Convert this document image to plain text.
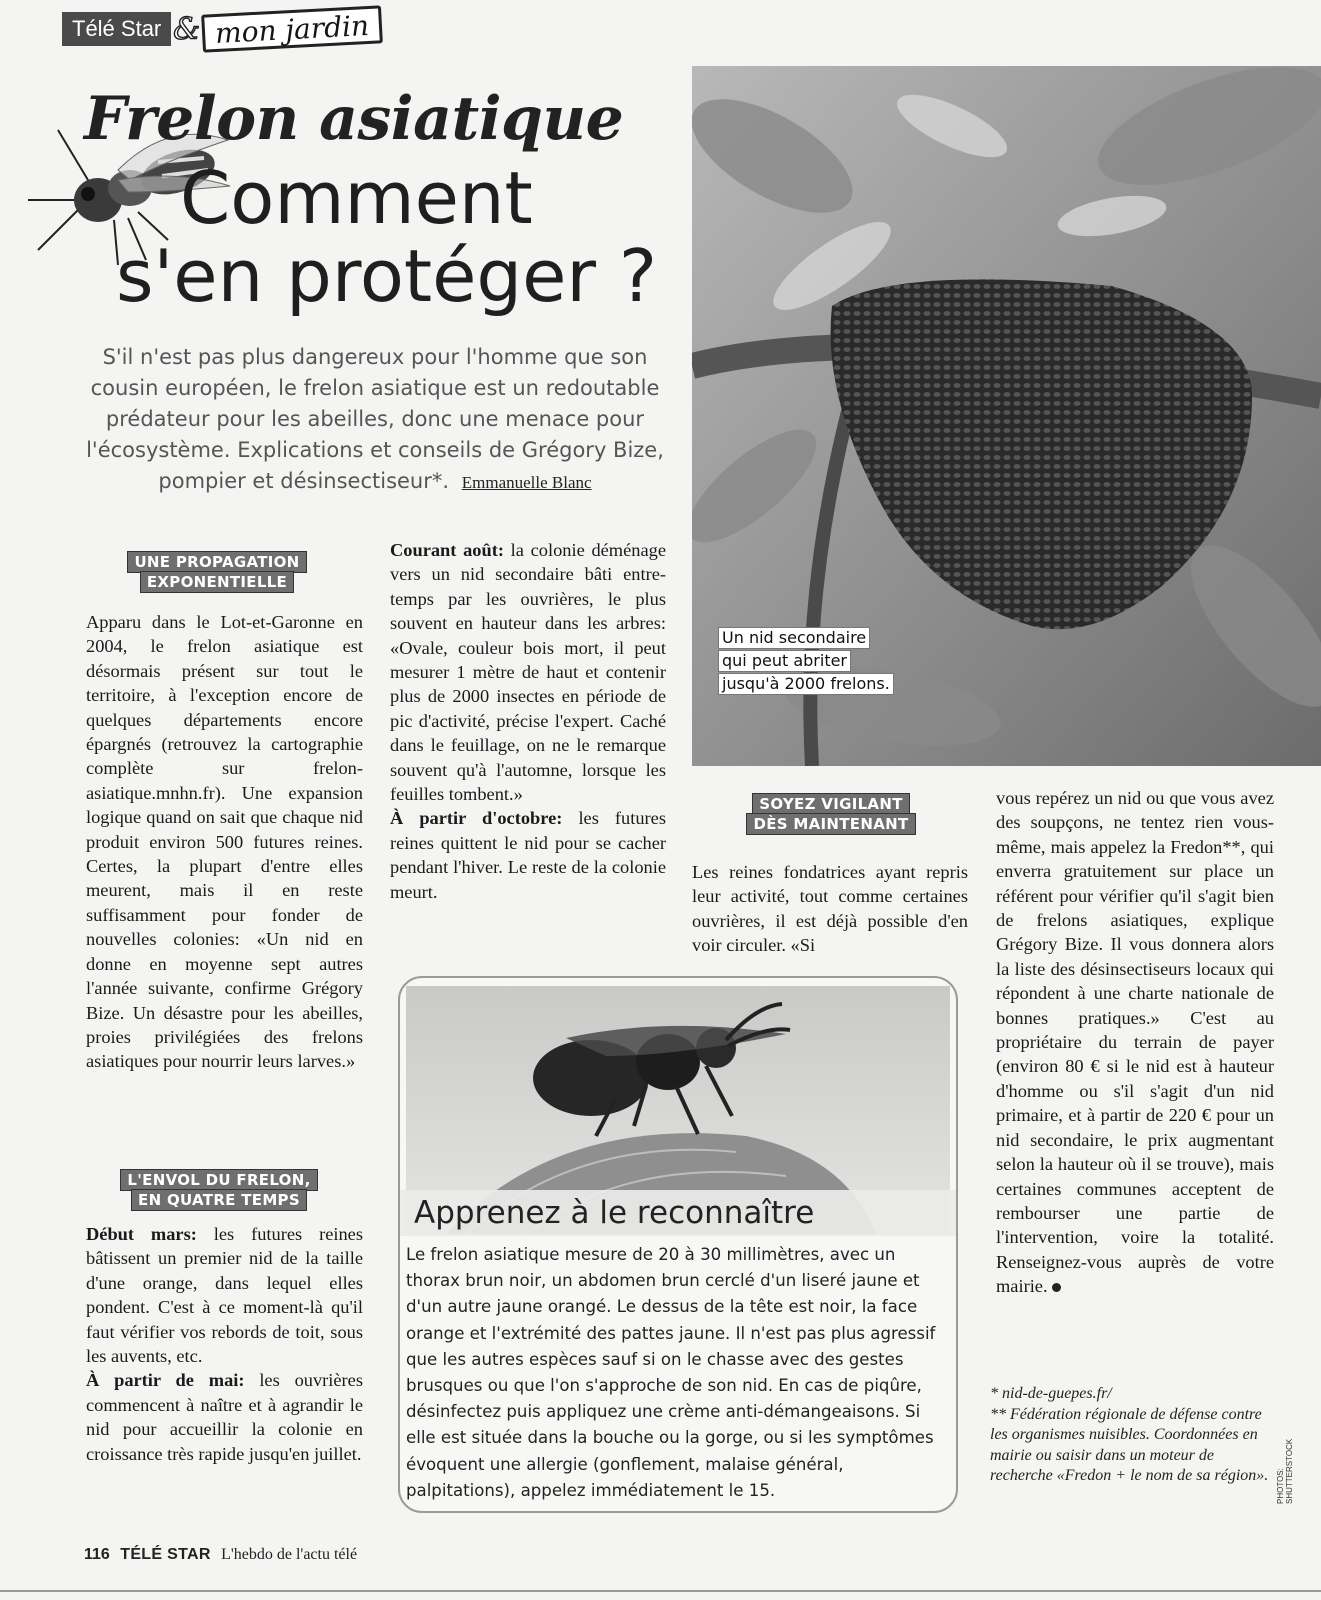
Télé Star & mon jardin
Frelon asiatique
Comment
s'en protéger ?
S'il n'est pas plus dangereux pour l'homme que son cousin européen, le frelon asiatique est un redoutable prédateur pour les abeilles, donc une menace pour l'écosystème. Explications et conseils de Grégory Bize, pompier et désinsectiseur*. Emmanuelle Blanc
Un nid secondaire
qui peut abriter
jusqu'à 2000 frelons.
UNE PROPAGATION
EXPONENTIELLE

Apparu dans le Lot-et-Garonne en 2004, le frelon asiatique est désormais présent sur tout le territoire, à l'exception encore de quelques départements encore épargnés (retrouvez la cartographie complète sur frelon-asiatique.mnhn.fr). Une expansion logique quand on sait que chaque nid produit environ 500 futures reines. Certes, la plupart d'entre elles meurent, mais il en reste suffisamment pour fonder de nouvelles colonies: «Un nid en donne en moyenne sept autres l'année suivante, confirme Grégory Bize. Un désastre pour les abeilles, proies privilégiées des frelons asiatiques pour nourrir leurs larves.»

L'ENVOL DU FRELON,
EN QUATRE TEMPS

Début mars: les futures reines bâtissent un premier nid de la taille d'une orange, dans lequel elles pondent. C'est à ce moment-là qu'il faut vérifier vos rebords de toit, sous les auvents, etc.

À partir de mai: les ouvrières commencent à naître et à agrandir le nid pour accueillir la colonie en croissance très rapide jusqu'en juillet.

Courant août: la colonie déménage vers un nid secondaire bâti entre-temps par les ouvrières, le plus souvent en hauteur dans les arbres: «Ovale, couleur bois mort, il peut mesurer 1 mètre de haut et contenir plus de 2000 insectes en période de pic d'activité, précise l'expert. Caché dans le feuillage, on ne le remarque souvent qu'à l'automne, lorsque les feuilles tombent.»

À partir d'octobre: les futures reines quittent le nid pour se cacher pendant l'hiver. Le reste de la colonie meurt.

SOYEZ VIGILANT
DÈS MAINTENANT

Les reines fondatrices ayant repris leur activité, tout comme certaines ouvrières, il est déjà possible d'en voir circuler. «Si

vous repérez un nid ou que vous avez des soupçons, ne tentez rien vous-même, mais appelez la Fredon**, qui enverra gratuitement sur place un référent pour vérifier qu'il s'agit bien de frelons asiatiques, explique Grégory Bize. Il vous donnera alors la liste des désinsectiseurs locaux qui répondent à une charte nationale de bonnes pratiques.» C'est au propriétaire du terrain de payer (environ 80 € si le nid est à hauteur d'homme ou s'il s'agit d'un nid primaire, et à partir de 220 € pour un nid secondaire, le prix augmentant selon la hauteur où il se trouve), mais certaines communes acceptent de rembourser une partie de l'intervention, voire la totalité. Renseignez-vous auprès de votre mairie.

Apprenez à le reconnaître
Le frelon asiatique mesure de 20 à 30 millimètres, avec un thorax brun noir, un abdomen brun cerclé d'un liseré jaune et d'un autre jaune orangé. Le dessus de la tête est noir, la face orange et l'extrémité des pattes jaune. Il n'est pas plus agressif que les autres espèces sauf si on le chasse avec des gestes brusques ou que l'on s'approche de son nid. En cas de piqûre, désinfectez puis appliquez une crème anti-démangeaisons. Si elle est située dans la bouche ou la gorge, ou si les symptômes évoquent une allergie (gonflement, malaise général, palpitations), appelez immédiatement le 15.
* nid-de-guepes.fr/
** Fédération régionale de défense contre les organismes nuisibles. Coordonnées en mairie ou saisir dans un moteur de recherche «Fredon + le nom de sa région». PHOTOS: SHUTTERSTOCK
116 TÉLÉ STAR L'hebdo de l'actu télé
